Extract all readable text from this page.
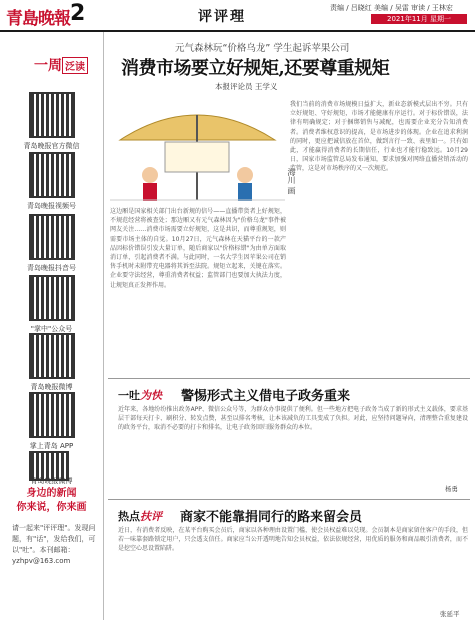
青島晚報 2	评评理
责编 / 吕晓红 美编 / 吴雷 审读 / 王林宏
2021年11月 星期一
一周 泛读
青岛晚报官方微信
青岛晚报视频号
青岛晚报抖音号
"掌中"公众号
青岛晚报微博
掌上青岛 APP
青岛晚报微博
身边的新闻
你来说，你来画
请一起来"评评理"。发现问题，有"话"，发给我们，可以"吐"。本刊邮箱：yzhpv@163.com
元气森林玩“价格乌龙” 学生起诉苹果公司
消费市场要立好规矩,还要尊重规矩
本报评论员 王学义
海川 画
这边厢是国家相关部门出台新规的信号——直播带货者上好规矩，不规范经营将被查处；那边厢又有元气森林因为"价格乌龙"事件被网友关注……消费市场需要立好规矩，这是共识，而尊重规矩，则需要市场主体的自觉。10月27日，元气森林在天猫平台的一款产品因标价错误引发大量订单，随后商家以"价格标错"为由单方面取消订单，引起消费者不满。与此同时，一名大学生因苹果公司在销售手机时未附带充电器将其诉至法院。规矩立起来，关键在落实。企业要守法经营，尊重消费者权益；监管部门也要加大执法力度，让规矩真正发挥作用。
我们当前的消费市场规模日益扩大，新业态新模式层出不穷。只有立好规矩、守好规矩，市场才能健康有序运行。对于标价错误，法律有明确规定；对于捆绑销售与减配，也需要企业充分告知消费者。消费者维权意识的提高，是市场进步的体现。企业在追求利润的同时，更应把诚信放在首位，做到言行一致、表里如一。只有如此，才能赢得消费者的长期信任，行业也才能行稳致远。10月29日，国家市场监管总局发布通知，要求加强对网络直播营销活动的监管，这是对市场秩序的又一次规范。
一吐为快 警惕形式主义借电子政务重来
近年来，各地纷纷推出政务APP、微信公众号等，为群众办事提供了便利。但一些地方把电子政务当成了新的形式主义载体，要求基层干部每天打卡、刷积分、转发点赞，甚至以排名考核，让本该减负的工具变成了负担。对此，应坚持问题导向，清理整合重复建设的政务平台，取消不必要的打卡和排名，让电子政务回归服务群众的本位。
杨勇
热点扶评 商家不能靠捐同行的路来留会员
近日，有消费者反映，在某平台购买会员后，商家以各种理由设置门槛，使会员权益难以兑现。会员制本是商家留住客户的手段，但若一味靠套路锁定用户，只会透支信任。商家应当公开透明地告知会员权益，依法依规经营，用优质的服务和商品吸引消费者，而不是挖空心思设置陷阱。
张延平
